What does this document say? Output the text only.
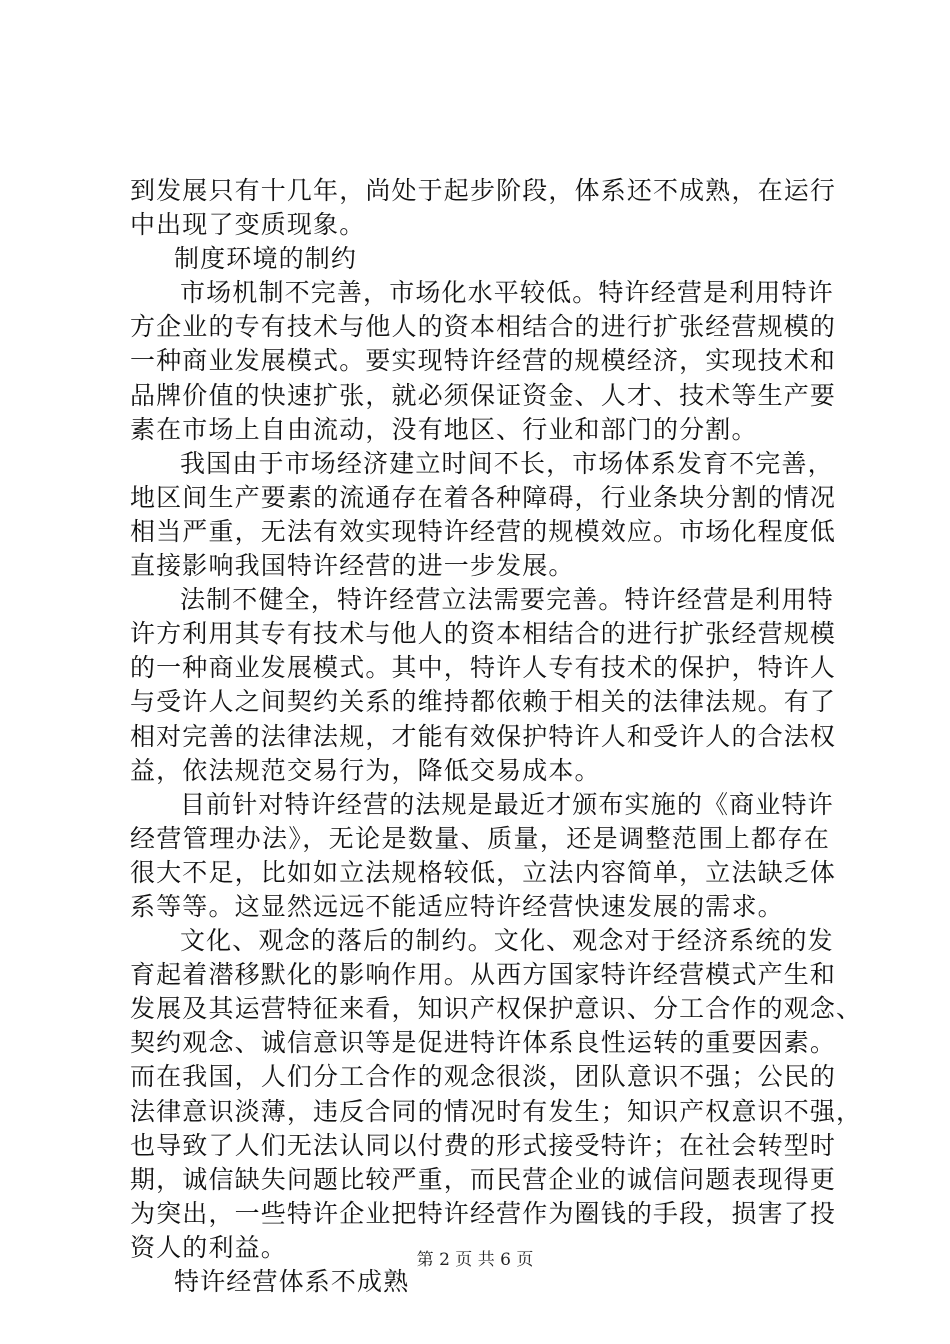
到发展只有十几年，尚处于起步阶段，体系还不成熟，在运行
中出现了变质现象。
制度环境的制约
市场机制不完善，市场化水平较低。特许经营是利用特许
方企业的专有技术与他人的资本相结合的进行扩张经营规模的
一种商业发展模式。要实现特许经营的规模经济，实现技术和
品牌价值的快速扩张，就必须保证资金、人才、技术等生产要
素在市场上自由流动，没有地区、行业和部门的分割。
我国由于市场经济建立时间不长，市场体系发育不完善，
地区间生产要素的流通存在着各种障碍，行业条块分割的情况
相当严重，无法有效实现特许经营的规模效应。市场化程度低
直接影响我国特许经营的进一步发展。
法制不健全，特许经营立法需要完善。特许经营是利用特
许方利用其专有技术与他人的资本相结合的进行扩张经营规模
的一种商业发展模式。其中，特许人专有技术的保护，特许人
与受许人之间契约关系的维持都依赖于相关的法律法规。有了
相对完善的法律法规，才能有效保护特许人和受许人的合法权
益，依法规范交易行为，降低交易成本。
目前针对特许经营的法规是最近才颁布实施的《商业特许
经营管理办法》，无论是数量、质量，还是调整范围上都存在
很大不足，比如如立法规格较低，立法内容简单，立法缺乏体
系等等。这显然远远不能适应特许经营快速发展的需求。
文化、观念的落后的制约。文化、观念对于经济系统的发
育起着潜移默化的影响作用。从西方国家特许经营模式产生和
发展及其运营特征来看，知识产权保护意识、分工合作的观念、
契约观念、诚信意识等是促进特许体系良性运转的重要因素。
而在我国，人们分工合作的观念很淡，团队意识不强；公民的
法律意识淡薄，违反合同的情况时有发生；知识产权意识不强，
也导致了人们无法认同以付费的形式接受特许；在社会转型时
期，诚信缺失问题比较严重，而民营企业的诚信问题表现得更
为突出，一些特许企业把特许经营作为圈钱的手段，损害了投
资人的利益。
特许经营体系不成熟
第 2 页 共 6 页
